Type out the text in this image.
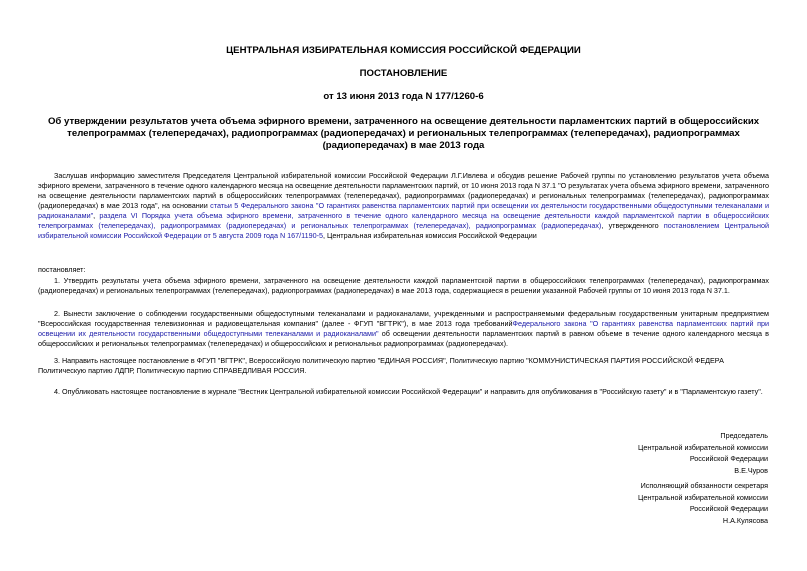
ЦЕНТРАЛЬНАЯ ИЗБИРАТЕЛЬНАЯ КОМИССИЯ РОССИЙСКОЙ ФЕДЕРАЦИИ
ПОСТАНОВЛЕНИЕ
от 13 июня 2013 года N 177/1260-6
Об утверждении результатов учета объема эфирного времени, затраченного на освещение деятельности парламентских партий в общероссийских телепрограммах (телепередачах), радиопрограммах (радиопередачах) и региональных телепрограммах (телепередачах), радиопрограммах (радиопередачах) в мае 2013 года
Заслушав информацию заместителя Председателя Центральной избирательной комиссии Российской Федерации Л.Г.Ивлева и обсудив решение Рабочей группы по установлению результатов учета объема эфирного времени, затраченного в течение одного календарного месяца на освещение деятельности парламентских партий, от 10 июня 2013 года N 37.1 "О результатах учета объема эфирного времени, затраченного на освещение деятельности парламентских партий в общероссийских телепрограммах (телепередачах), радиопрограммах (радиопередачах) и региональных телепрограммах (телепередачах), радиопрограммах (радиопередачах) в мае 2013 года", на основании статьи 5 Федерального закона "О гарантиях равенства парламентских партий при освещении их деятельности государственными общедоступными телеканалами и радиоканалами", раздела VI Порядка учета объема эфирного времени, затраченного в течение одного календарного месяца на освещение деятельности каждой парламентской партии в общероссийских телепрограммах (телепередачах), радиопрограммах (радиопередачах) и региональных телепрограммах (телепередачах), радиопрограммах (радиопередачах), утвержденного постановлением Центральной избирательной комиссии Российской Федерации от 5 августа 2009 года N 167/1190-5, Центральная избирательная комиссия Российской Федерации
постановляет:
1. Утвердить результаты учета объема эфирного времени, затраченного на освещение деятельности каждой парламентской партии в общероссийских телепрограммах (телепередачах), радиопрограммах (радиопередачах) и региональных телепрограммах (телепередачах), радиопрограммах (радиопередачах) в мае 2013 года, содержащиеся в решении указанной Рабочей группы от 10 июня 2013 года N 37.1.
2. Вынести заключение о соблюдении государственными общедоступными телеканалами и радиоканалами, учрежденными и распространяемыми федеральным государственным унитарным предприятием "Всероссийская государственная телевизионная и радиовещательная компания" (далее - ФГУП "ВГТРК"), в мае 2013 года требованийФедерального закона "О гарантиях равенства парламентских партий при освещении их деятельности государственными общедоступными телеканалами и радиоканалами" об освещении деятельности парламентских партий в равном объеме в течение одного календарного месяца в общероссийских и региональных телепрограммах (телепередачах) и общероссийских и региональных радиопрограммах (радиопередачах).
3. Направить настоящее постановление в ФГУП "ВГТРК", Всероссийскую политическую партию "ЕДИНАЯ РОССИЯ", Политическую партию "КОММУНИСТИЧЕСКАЯ ПАРТИЯ РОССИЙСКОЙ ФЕДЕРА
Политическую партию ЛДПР, Политическую партию СПРАВЕДЛИВАЯ РОССИЯ.
4. Опубликовать настоящее постановление в журнале "Вестник Центральной избирательной комиссии Российской Федерации" и направить для опубликования в "Российскую газету" и в "Парламентскую газету".
Председатель
Центральной избирательной комиссии
Российской Федерации
В.Е.Чуров
Исполняющий обязанности секретаря
Центральной избирательной комиссии
Российской Федерации
Н.А.Кулясова
